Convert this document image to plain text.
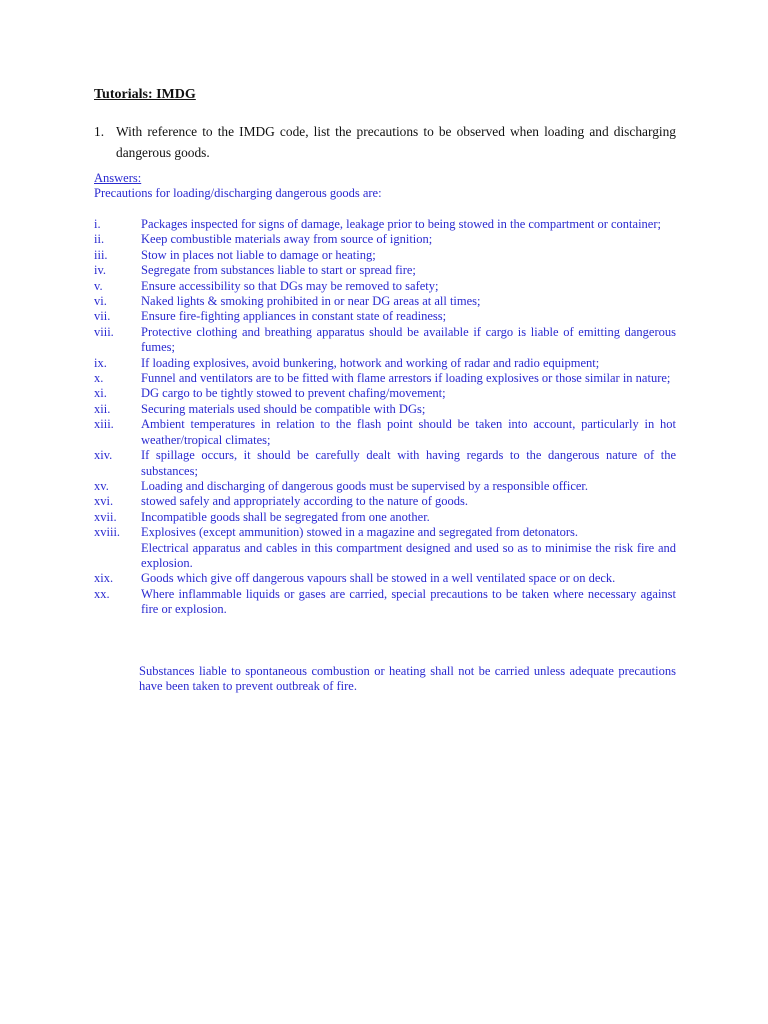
Tutorials: IMDG
1. With reference to the IMDG code, list the precautions to be observed when loading and discharging dangerous goods.
Answers:
Precautions for loading/discharging dangerous goods are:
i.	Packages inspected for signs of damage, leakage prior to being stowed in the compartment or container;
ii.	Keep combustible materials away from source of ignition;
iii.	Stow in places not liable to damage or heating;
iv.	Segregate from substances liable to start or spread fire;
v.	Ensure accessibility so that DGs may be removed to safety;
vi.	Naked lights & smoking prohibited in or near DG areas at all times;
vii. Ensure fire-fighting appliances in constant state of readiness;
viii. Protective clothing and breathing apparatus should be available if cargo is liable of emitting dangerous fumes;
ix.	If loading explosives, avoid bunkering, hotwork and working of radar and radio equipment;
x.	Funnel and ventilators are to be fitted with flame arrestors if loading explosives or those similar in nature;
xi.	DG cargo to be tightly stowed to prevent chafing/movement;
xii. Securing materials used should be compatible with DGs;
xiii. Ambient temperatures in relation to the flash point should be taken into account, particularly in hot weather/tropical climates;
xiv. If spillage occurs, it should be carefully dealt with having regards to the dangerous nature of the substances;
xv.	Loading and discharging of dangerous goods must be supervised by a responsible officer.
xvi. stowed safely and appropriately according to the nature of goods.
xvii. Incompatible goods shall be segregated from one another.
xviii. Explosives (except ammunition) stowed in a magazine and segregated from detonators.
Electrical apparatus and cables in this compartment designed and used so as to minimise the risk fire and explosion.
xix. Goods which give off dangerous vapours shall be stowed in a well ventilated space or on deck.
xx.	Where inflammable liquids or gases are carried, special precautions to be taken where necessary against fire or explosion.
Substances liable to spontaneous combustion or heating shall not be carried unless adequate precautions have been taken to prevent outbreak of fire.
